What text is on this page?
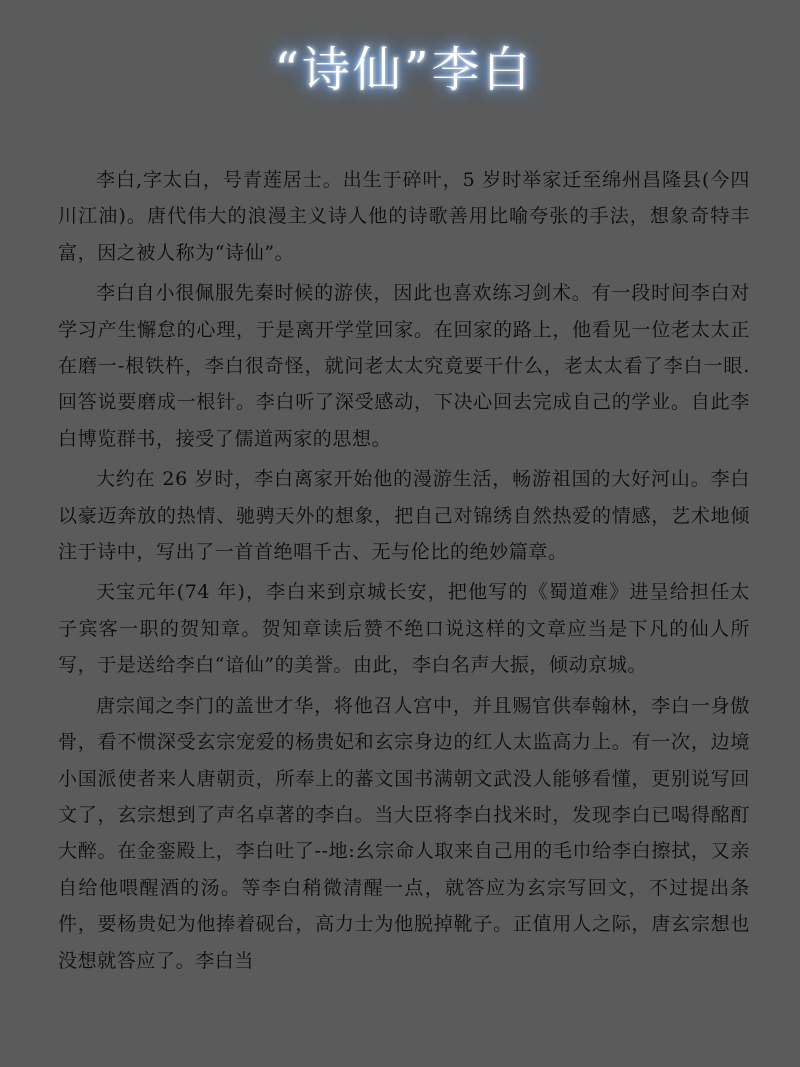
“诗仙”李白

李白,字太白，号青莲居士。出生于碎叶，5 岁时举家迁至绵州昌隆县(今四川江油)。唐代伟大的浪漫主义诗人他的诗歌善用比喻夸张的手法，想象奇特丰富，因之被人称为“诗仙”。

李白自小很佩服先秦时候的游侠，因此也喜欢练习剑术。有一段时间李白对学习产生懈怠的心理，于是离开学堂回家。在回家的路上，他看见一位老太太正在磨一-根铁杵，李白很奇怪，就问老太太究竟要干什么，老太太看了李白一眼.回答说要磨成一根针。李白听了深受感动，下决心回去完成自己的学业。自此李白博览群书，接受了儒道两家的思想。

大约在 26 岁时，李白离家开始他的漫游生活，畅游祖国的大好河山。李白以豪迈奔放的热情、驰骋天外的想象，把自己对锦绣自然热爱的情感，艺术地倾注于诗中，写出了一首首绝唱千古、无与伦比的绝妙篇章。

天宝元年(74 年)，李白来到京城长安，把他写的《蜀道难》进呈给担任太子宾客一职的贺知章。贺知章读后赞不绝口说这样的文章应当是下凡的仙人所写，于是送给李白“谙仙”的美誉。由此，李白名声大振，倾动京城。

唐宗闻之李门的盖世才华，将他召人宫中，并且赐官供奉翰林，李白一身傲骨，看不惯深受玄宗宠爱的杨贵妃和玄宗身边的红人太监高力上。有一次，边境小国派使者来人唐朝贡，所奉上的蕃文国书满朝文武没人能够看懂，更别说写回文了，玄宗想到了声名卓著的李白。当大臣将李白找米时，发现李白已喝得酩酊大醉。在金銮殿上，李白吐了--地:幺宗命人取来自己用的毛巾给李白擦拭，又亲自给他喂醒酒的汤。等李白稍微清醒一点，就答应为玄宗写回文，不过提出条件，要杨贵妃为他捧着砚台，高力士为他脱掉靴子。正值用人之际，唐玄宗想也没想就答应了。李白当
